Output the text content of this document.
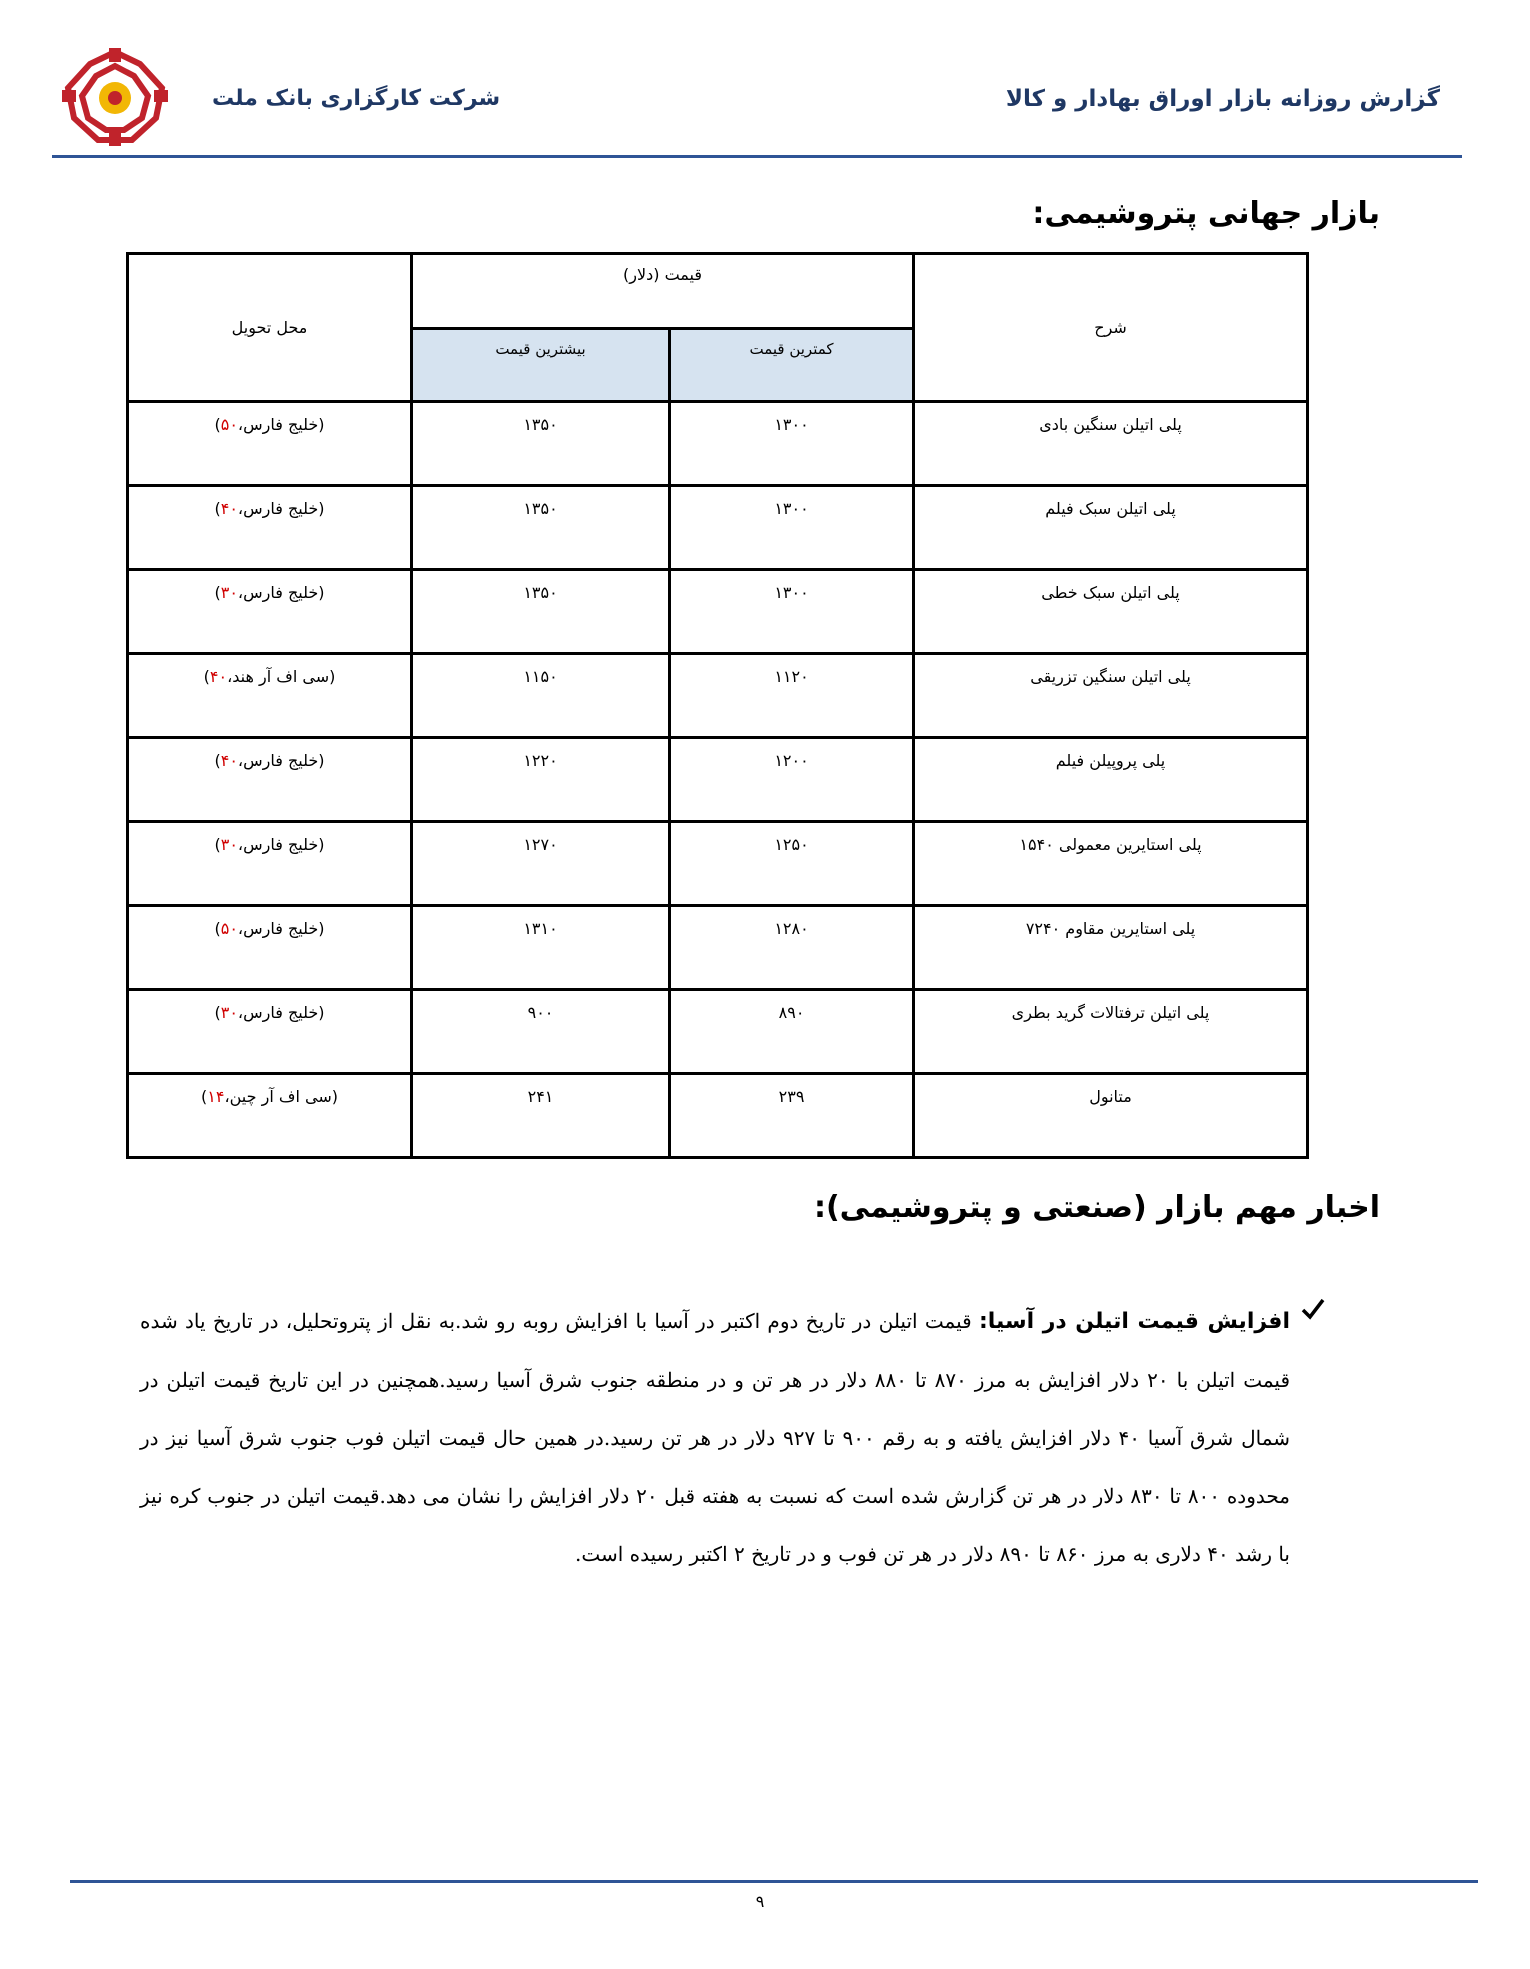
شرکت کارگزاری بانک ملت	گزارش روزانه بازار اوراق بهادار و کالا
بازار جهانی پتروشیمی:
شرح	قیمت (دلار)		محل تحویل
	کمترین قیمت	بیشترین قیمت	
پلی اتیلن سنگین بادی	۱۳۰۰	۱۳۵۰	(خلیج فارس،۵۰)
پلی اتیلن سبک فیلم	۱۳۰۰	۱۳۵۰	(خلیج فارس،۴۰)
پلی اتیلن سبک خطی	۱۳۰۰	۱۳۵۰	(خلیج فارس،۳۰)
پلی اتیلن سنگین تزریقی	۱۱۲۰	۱۱۵۰	(سی اف آر هند،۴۰)
پلی پروپیلن فیلم	۱۲۰۰	۱۲۲۰	(خلیج فارس،۴۰)
پلی استایرین معمولی ۱۵۴۰	۱۲۵۰	۱۲۷۰	(خلیج فارس،۳۰)
پلی استایرین مقاوم ۷۲۴۰	۱۲۸۰	۱۳۱۰	(خلیج فارس،۵۰)
پلی اتیلن ترفتالات گرید بطری	۸۹۰	۹۰۰	(خلیج فارس،۳۰)
متانول	۲۳۹	۲۴۱	(سی اف آر چین،۱۴)
اخبار مهم بازار (صنعتی و پتروشیمی):
افزایش قیمت اتیلن در آسیا: قیمت اتیلن در تاریخ دوم اکتبر در آسیا با افزایش روبه رو شد.به نقل از پتروتحلیل، در تاریخ یاد شده قیمت اتیلن با ۲۰ دلار افزایش به مرز ۸۷۰ تا ۸۸۰ دلار در هر تن و در منطقه جنوب شرق آسیا رسید.همچنین در این تاریخ قیمت اتیلن در شمال شرق آسیا ۴۰ دلار افزایش یافته و به رقم ۹۰۰ تا ۹۲۷ دلار در هر تن رسید.در همین حال قیمت اتیلن فوب جنوب شرق آسیا نیز در محدوده ۸۰۰ تا ۸۳۰ دلار در هر تن گزارش شده است که نسبت به هفته قبل ۲۰ دلار افزایش را نشان می دهد.قیمت اتیلن در جنوب کره نیز با رشد ۴۰ دلاری به مرز ۸۶۰ تا ۸۹۰ دلار در هر تن فوب و در تاریخ ۲ اکتبر رسیده است.
۹
